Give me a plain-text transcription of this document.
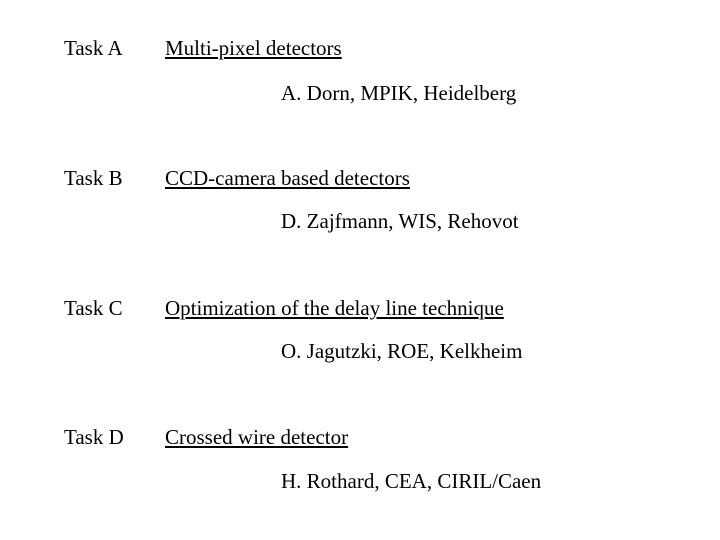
Task A Multi-pixel detectors
A. Dorn, MPIK, Heidelberg
Task B CCD-camera based detectors
D. Zajfmann, WIS, Rehovot
Task C Optimization of the delay line technique
O. Jagutzki, ROE, Kelkheim
Task D Crossed wire detector
H. Rothard, CEA, CIRIL/Caen
